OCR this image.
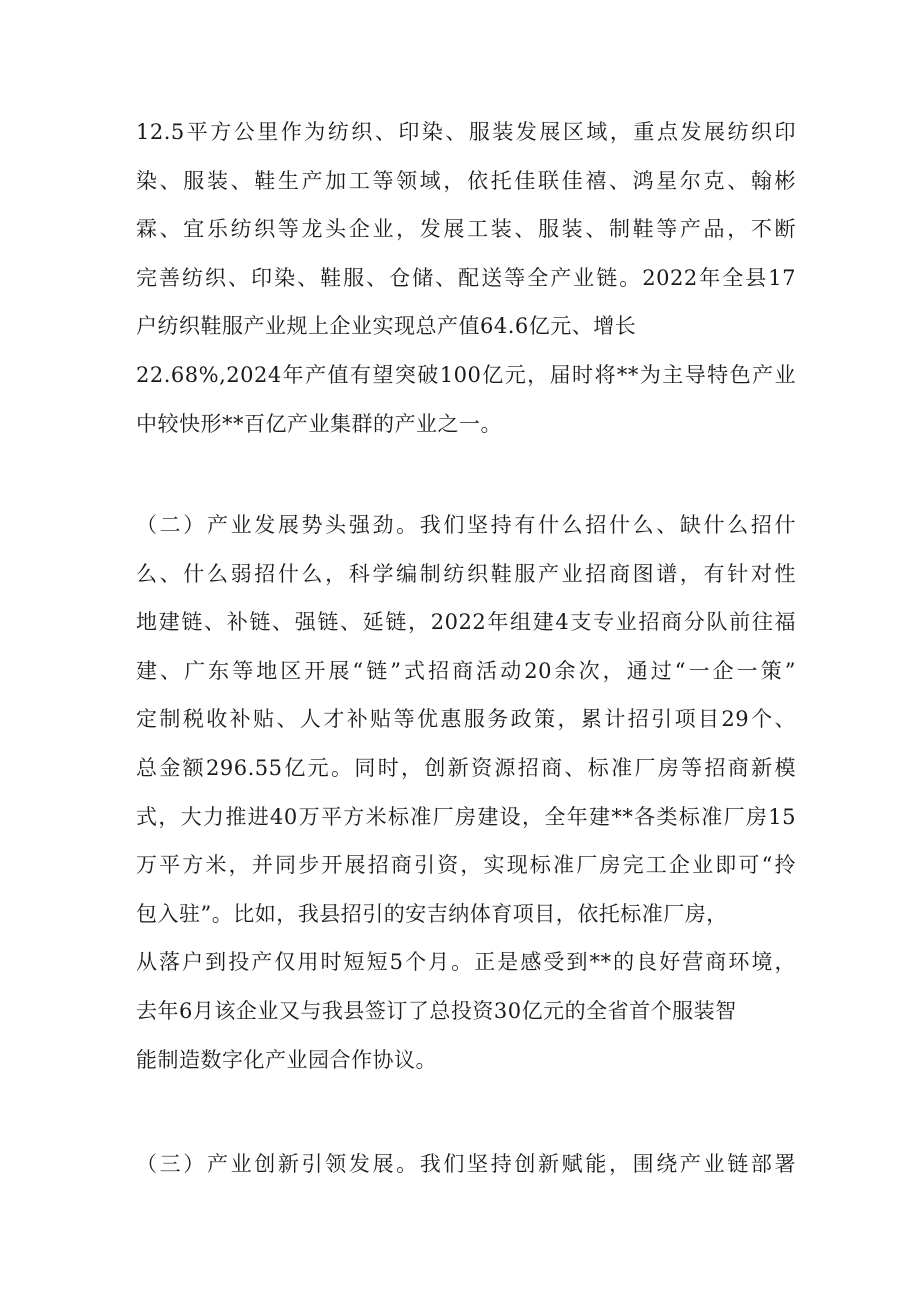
12.5平方公里作为纺织、印染、服装发展区域，重点发展纺织印
染、服装、鞋生产加工等领域，依托佳联佳禧、鸿星尔克、翰彬
霖、宜乐纺织等龙头企业，发展工装、服装、制鞋等产品，不断
完善纺织、印染、鞋服、仓储、配送等全产业链。2022年全县17
户纺织鞋服产业规上企业实现总产值64.6亿元、增长
22.68%,2024年产值有望突破100亿元，届时将**为主导特色产业
中较快形**百亿产业集群的产业之一。
（二）产业发展势头强劲。我们坚持有什么招什么、缺什么招什
么、什么弱招什么，科学编制纺织鞋服产业招商图谱，有针对性
地建链、补链、强链、延链，2022年组建4支专业招商分队前往福
建、广东等地区开展“链”式招商活动20余次，通过“一企一策”
定制税收补贴、人才补贴等优惠服务政策，累计招引项目29个、
总金额296.55亿元。同时，创新资源招商、标准厂房等招商新模
式，大力推进40万平方米标准厂房建设，全年建**各类标准厂房15
万平方米，并同步开展招商引资，实现标准厂房完工企业即可“拎
包入驻”。比如，我县招引的安吉纳体育项目，依托标准厂房，
从落户到投产仅用时短短5个月。正是感受到**的良好营商环境，
去年6月该企业又与我县签订了总投资30亿元的全省首个服装智
能制造数字化产业园合作协议。
（三）产业创新引领发展。我们坚持创新赋能，围绕产业链部署
